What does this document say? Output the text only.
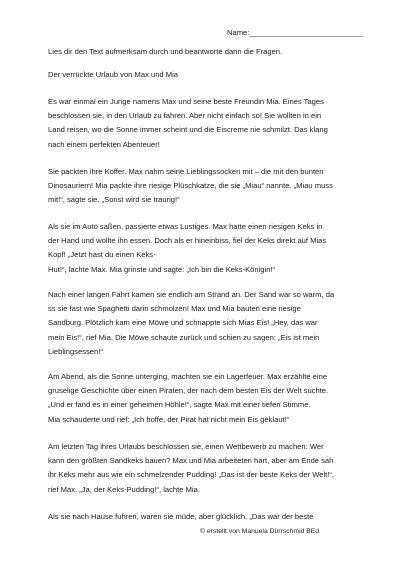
Name:___________________________
Lies dir den Text aufmerksam durch und beantworte dann die Fragen.
Der verrückte Urlaub von Max und Mia
Es war einmal ein Junge namens Max und seine beste Freundin Mia. Eines Tages
beschlossen sie, in den Urlaub zu fahren. Aber nicht einfach so! Sie wollten in ein
Land reisen, wo die Sonne immer scheint und die Eiscreme nie schmilzt. Das klang
nach einem perfekten Abenteuer!
Sie packten ihre Koffer. Max nahm seine Lieblingssocken mit – die mit den bunten
Dinosauriern! Mia packte ihre riesige Plüschkatze, die sie „Miau“ nannte. „Miau muss
mit!“, sagte sie. „Sonst wird sie traurig!“
Als sie im Auto saßen, passierte etwas Lustiges. Max hatte einen riesigen Keks in
der Hand und wollte ihn essen. Doch als er hineinbiss, fiel der Keks direkt auf Mias
Kopf! „Jetzt hast du einen Keks-
Hut!“, lachte Max. Mia grinste und sagte: „Ich bin die Keks-Königin!“
Nach einer langen Fahrt kamen sie endlich am Strand an. Der Sand war so warm, da
ss sie fast wie Spaghetti darin schmolzen! Max und Mia bauten eine riesige
Sandburg. Plötzlich kam eine Möwe und schnappte sich Mias Eis! „Hey, das war
mein Eis!“, rief Mia. Die Möwe schaute zurück und schien zu sagen: „Eis ist mein
Lieblingsessen!“
Am Abend, als die Sonne unterging, machten sie ein Lagerfeuer. Max erzählte eine
gruselige Geschichte über einen Piraten, der nach dem besten Eis der Welt suchte.
„Und er fand es in einer geheimen Höhle!“, sagte Max mit einer tiefen Stimme.
Mia schauderte und rief: „Ich hoffe, der Pirat hat nicht mein Eis geklaut!“
Am letzten Tag ihres Urlaubs beschlossen sie, einen Wettbewerb zu machen: Wer
kann den größten Sandkeks bauen? Max und Mia arbeiteten hart, aber am Ende sah
ihr Keks mehr aus wie ein schmelzender Pudding! „Das ist der beste Keks der Welt!“,
rief Max. „Ja, der Keks-Pudding!“, lachte Mia.
Als sie nach Hause fuhren, waren sie müde, aber glücklich. „Das war der beste
© erstellt von Manuela Dürrschmid BEd
